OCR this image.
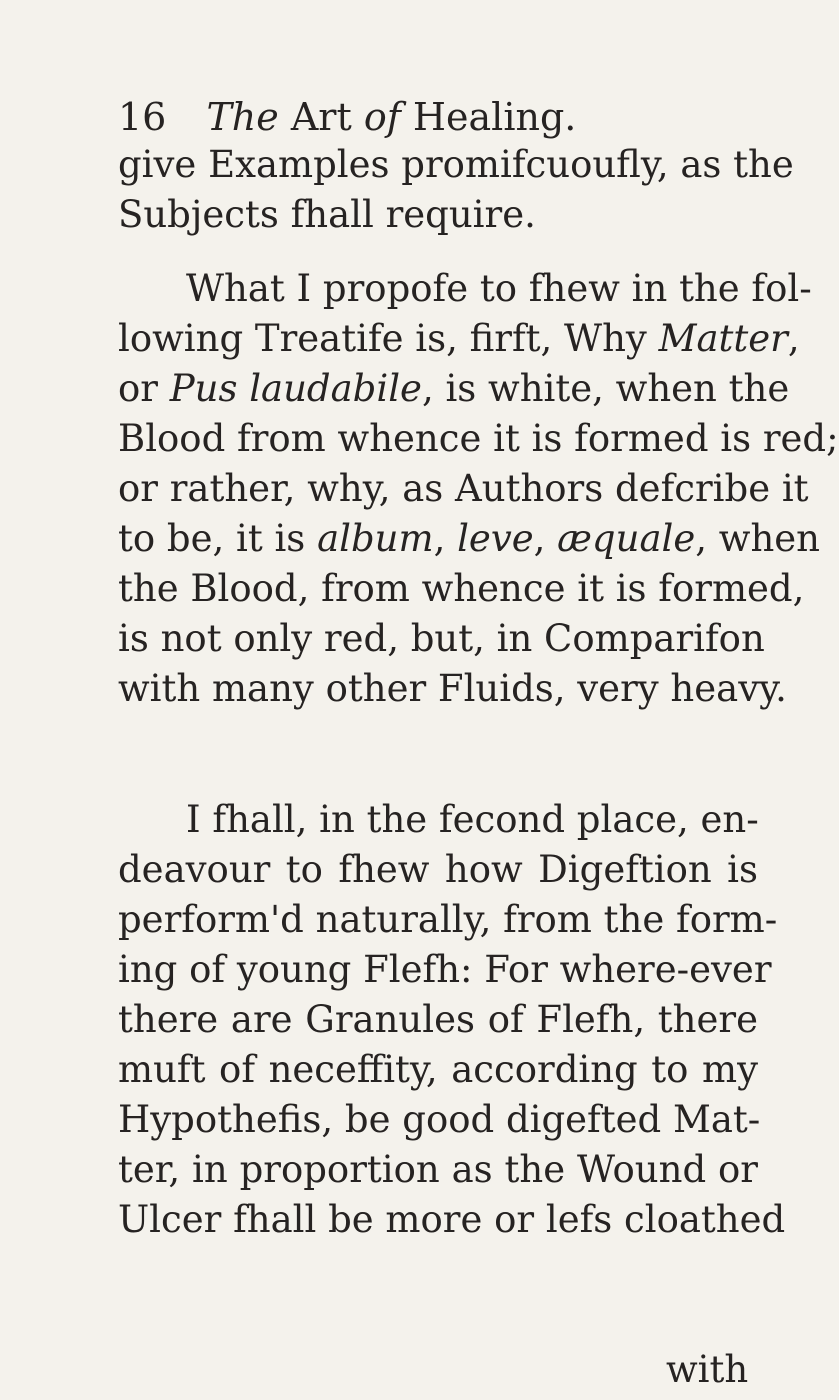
16 The Art of Healing.
give Examples promifcuoufly, as the
Subjects fhall require.
What I propofe to fhew in the fol-
lowing Treatife is, firft, Why Matter,
or Pus laudabile, is white, when the
Blood from whence it is formed is red;
or rather, why, as Authors defcribe it
to be, it is album, leve, æquale, when
the Blood, from whence it is formed,
is not only red, but, in Comparifon
with many other Fluids, very heavy.
I fhall, in the fecond place, en-
deavour to fhew how Digeftion is
perform'd naturally, from the form-
ing of young Flefh: For where-ever
there are Granules of Flefh, there
muft of neceffity, according to my
Hypothefis, be good digefted Mat-
ter, in proportion as the Wound or
Ulcer fhall be more or lefs cloathed
with
